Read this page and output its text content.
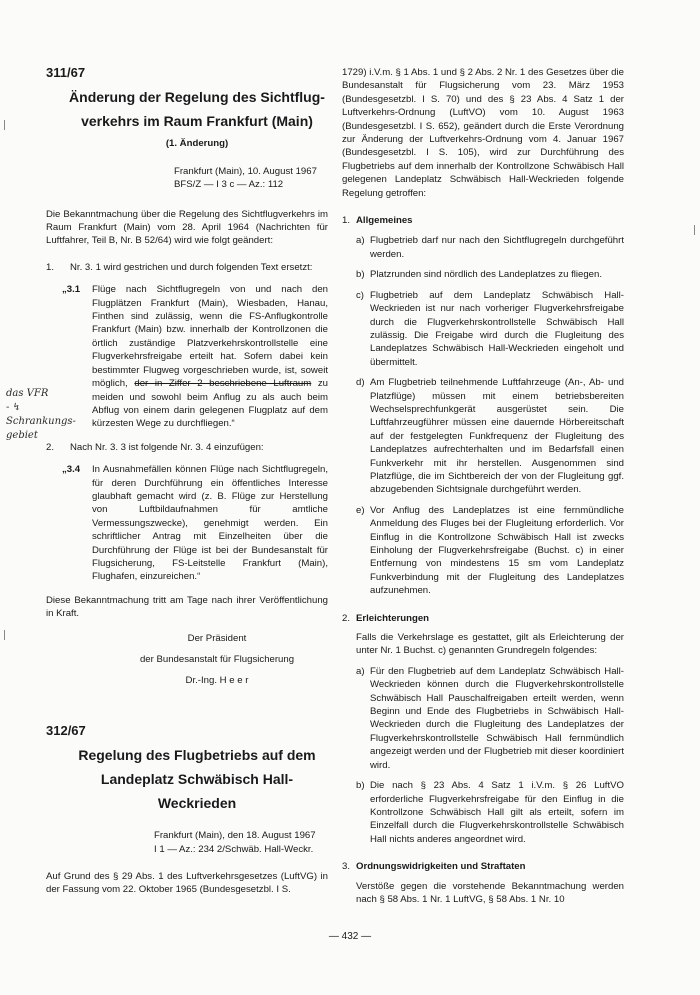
311/67
Änderung der Regelung des Sichtflug-
verkehrs im Raum Frankfurt (Main)
(1. Änderung)
Frankfurt (Main), 10. August 1967
BFS/Z — I 3 c — Az.: 112

Die Bekanntmachung über die Regelung des Sichtflugverkehrs im Raum Frankfurt (Main) vom 28. April 1964 (Nachrichten für Luftfahrer, Teil B, Nr. B 52/64) wird wie folgt geändert:

1.	Nr. 3. 1 wird gestrichen und durch folgenden Text ersetzt:
„3.1	Flüge nach Sichtflugregeln von und nach den Flugplätzen Frankfurt (Main), Wiesbaden, Hanau, Finthen sind zulässig, wenn die FS-Anflugkontrolle Frankfurt (Main) bzw. innerhalb der Kontrollzonen die örtlich zuständige Platzverkehrskontrollstelle eine Flugverkehrsfreigabe erteilt hat. Sofern dabei kein bestimmter Flugweg vorgeschrieben wurde, ist, soweit möglich, der in Ziffer 2 beschriebene Luftraum zu meiden und sowohl beim Anflug zu als auch beim Abflug von einem darin gelegenen Flugplatz auf dem kürzesten Wege zu durchfliegen.“
2.	Nach Nr. 3. 3 ist folgende Nr. 3. 4 einzufügen:
„3.4	In Ausnahmefällen können Flüge nach Sichtflugregeln, für deren Durchführung ein öffentliches Interesse glaubhaft gemacht wird (z. B. Flüge zur Herstellung von Luftbildaufnahmen für amtliche Vermessungszwecke), genehmigt werden. Ein schriftlicher Antrag mit Einzelheiten über die Durchführung der Flüge ist bei der Bundesanstalt für Flugsicherung, FS-Leitstelle Frankfurt (Main), Flughafen, einzureichen.“

Diese Bekanntmachung tritt am Tage nach ihrer Veröffentlichung in Kraft.

Der Präsident
der Bundesanstalt für Flugsicherung
Dr.-Ing. H e e r
312/67
Regelung des Flugbetriebs auf dem
Landeplatz Schwäbisch Hall-Weckrieden
Frankfurt (Main), den 18. August 1967
I 1 — Az.: 234 2/Schwäb. Hall-Weckr.

Auf Grund des § 29 Abs. 1 des Luftverkehrsgesetzes (LuftVG) in der Fassung vom 22. Oktober 1965 (Bundesgesetzbl. I S.

das VFR - ↯
Schrankungs-
gebiet

1729) i.V.m. § 1 Abs. 1 und § 2 Abs. 2 Nr. 1 des Gesetzes über die Bundesanstalt für Flugsicherung vom 23. März 1953 (Bundesgesetzbl. I S. 70) und des § 23 Abs. 4 Satz 1 der Luftverkehrs-Ordnung (LuftVO) vom 10. August 1963 (Bundesgesetzbl. I S. 652), geändert durch die Erste Verordnung zur Änderung der Luftverkehrs-Ordnung vom 4. Januar 1967 (Bundesgesetzbl. I S. 105), wird zur Durchführung des Flugbetriebs auf dem innerhalb der Kontrollzone Schwäbisch Hall gelegenen Landeplatz Schwäbisch Hall-Weckrieden folgende Regelung getroffen:

1. Allgemeines
a) Flugbetrieb darf nur nach den Sichtflugregeln durchgeführt werden.
b) Platzrunden sind nördlich des Landeplatzes zu fliegen.
c) Flugbetrieb auf dem Landeplatz Schwäbisch Hall-Weckrieden ist nur nach vorheriger Flugverkehrsfreigabe durch die Flugverkehrskontrollstelle Schwäbisch Hall zulässig. Die Freigabe wird durch die Flugleitung des Landeplatzes Schwäbisch Hall-Weckrieden eingeholt und übermittelt.
d) Am Flugbetrieb teilnehmende Luftfahrzeuge (An-, Ab- und Platzflüge) müssen mit einem betriebsbereiten Wechselsprechfunkgerät ausgerüstet sein. Die Luftfahrzeugführer müssen eine dauernde Hörbereitschaft auf der festgelegten Funkfrequenz der Flugleitung des Landeplatzes aufrechterhalten und im Bedarfsfall einen Funkverkehr mit ihr herstellen. Ausgenommen sind Platzflüge, die im Sichtbereich der von der Flugleitung ggf. abzugebenden Sichtsignale durchgeführt werden.
e) Vor Anflug des Landeplatzes ist eine fernmündliche Anmeldung des Fluges bei der Flugleitung erforderlich. Vor Einflug in die Kontrollzone Schwäbisch Hall ist zwecks Einholung der Flugverkehrsfreigabe (Buchst. c) in einer Entfernung von mindestens 15 sm vom Landeplatz Funkverbindung mit der Flugleitung des Landeplatzes aufzunehmen.
2. Erleichterungen

Falls die Verkehrslage es gestattet, gilt als Erleichterung der unter Nr. 1 Buchst. c) genannten Grundregeln folgendes:

a) Für den Flugbetrieb auf dem Landeplatz Schwäbisch Hall-Weckrieden können durch die Flugverkehrskontrollstelle Schwäbisch Hall Pauschalfreigaben erteilt werden, wenn Beginn und Ende des Flugbetriebs in Schwäbisch Hall-Weckrieden durch die Flugleitung des Landeplatzes der Flugverkehrskontrollstelle Schwäbisch Hall fernmündlich angezeigt werden und der Flugbetrieb mit dieser koordiniert wird.
b) Die nach § 23 Abs. 4 Satz 1 i.V.m. § 26 LuftVO erforderliche Flugverkehrsfreigabe für den Einflug in die Kontrollzone Schwäbisch Hall gilt als erteilt, sofern im Einzelfall durch die Flugverkehrskontrollstelle Schwäbisch Hall nichts anderes angeordnet wird.
3. Ordnungswidrigkeiten und Straftaten

Verstöße gegen die vorstehende Bekanntmachung werden nach § 58 Abs. 1 Nr. 1 LuftVG, § 58 Abs. 1 Nr. 10

— 432 —
